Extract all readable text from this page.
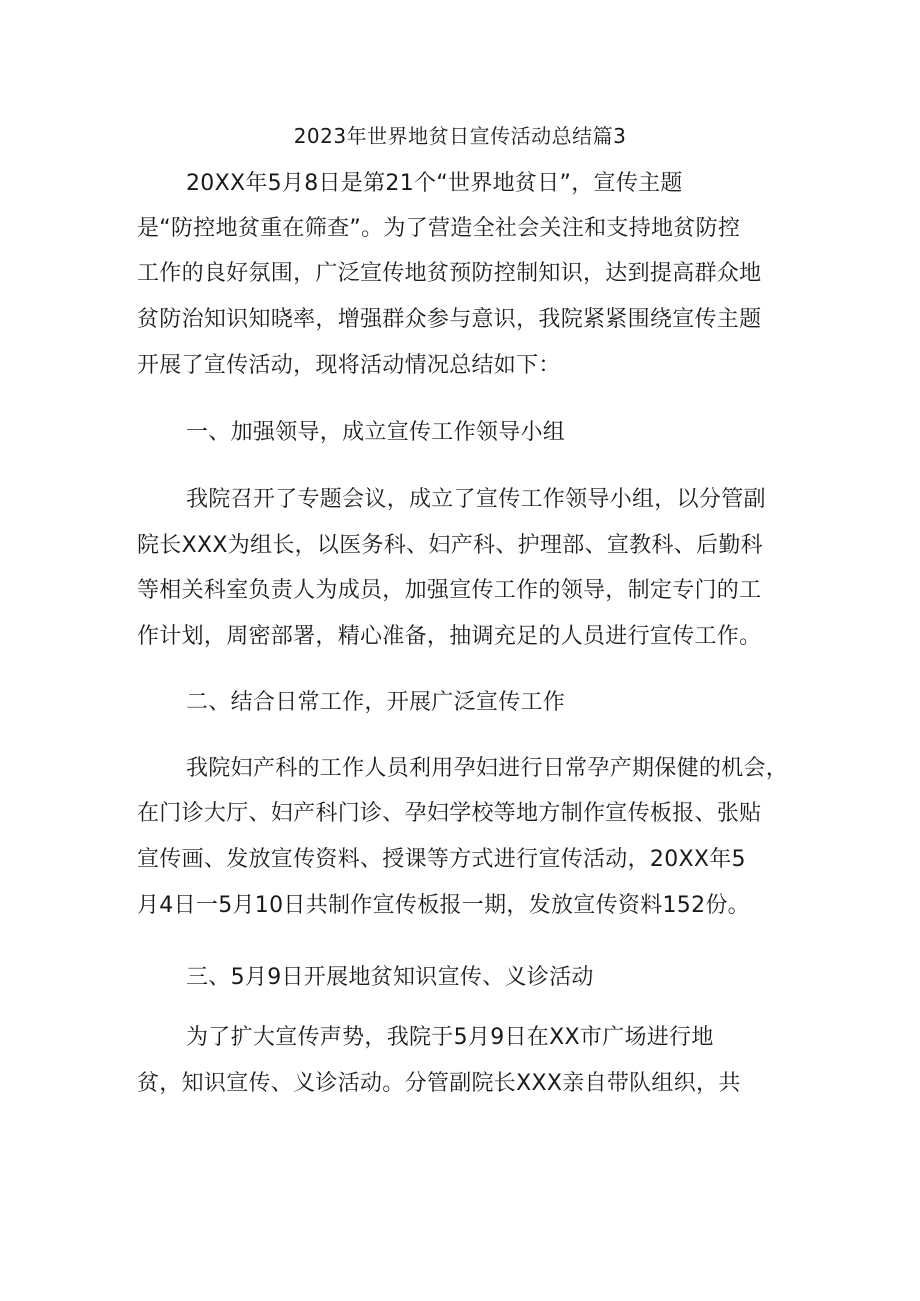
2023年世界地贫日宣传活动总结篇3
20XX年5月8日是第21个“世界地贫日”，宣传主题
是“防控地贫重在筛查”。为了营造全社会关注和支持地贫防控
工作的良好氛围，广泛宣传地贫预防控制知识，达到提高群众地
贫防治知识知晓率，增强群众参与意识，我院紧紧围绕宣传主题
开展了宣传活动，现将活动情况总结如下：
一、加强领导，成立宣传工作领导小组
我院召开了专题会议，成立了宣传工作领导小组，以分管副
院长XXX为组长，以医务科、妇产科、护理部、宣教科、后勤科
等相关科室负责人为成员，加强宣传工作的领导，制定专门的工
作计划，周密部署，精心准备，抽调充足的人员进行宣传工作。
二、结合日常工作，开展广泛宣传工作
我院妇产科的工作人员利用孕妇进行日常孕产期保健的机会，
在门诊大厅、妇产科门诊、孕妇学校等地方制作宣传板报、张贴
宣传画、发放宣传资料、授课等方式进行宣传活动，20XX年5
月4日一5月10日共制作宣传板报一期，发放宣传资料152份。
三、5月9日开展地贫知识宣传、义诊活动
为了扩大宣传声势，我院于5月9日在XX市广场进行地
贫，知识宣传、义诊活动。分管副院长XXX亲自带队组织，共
